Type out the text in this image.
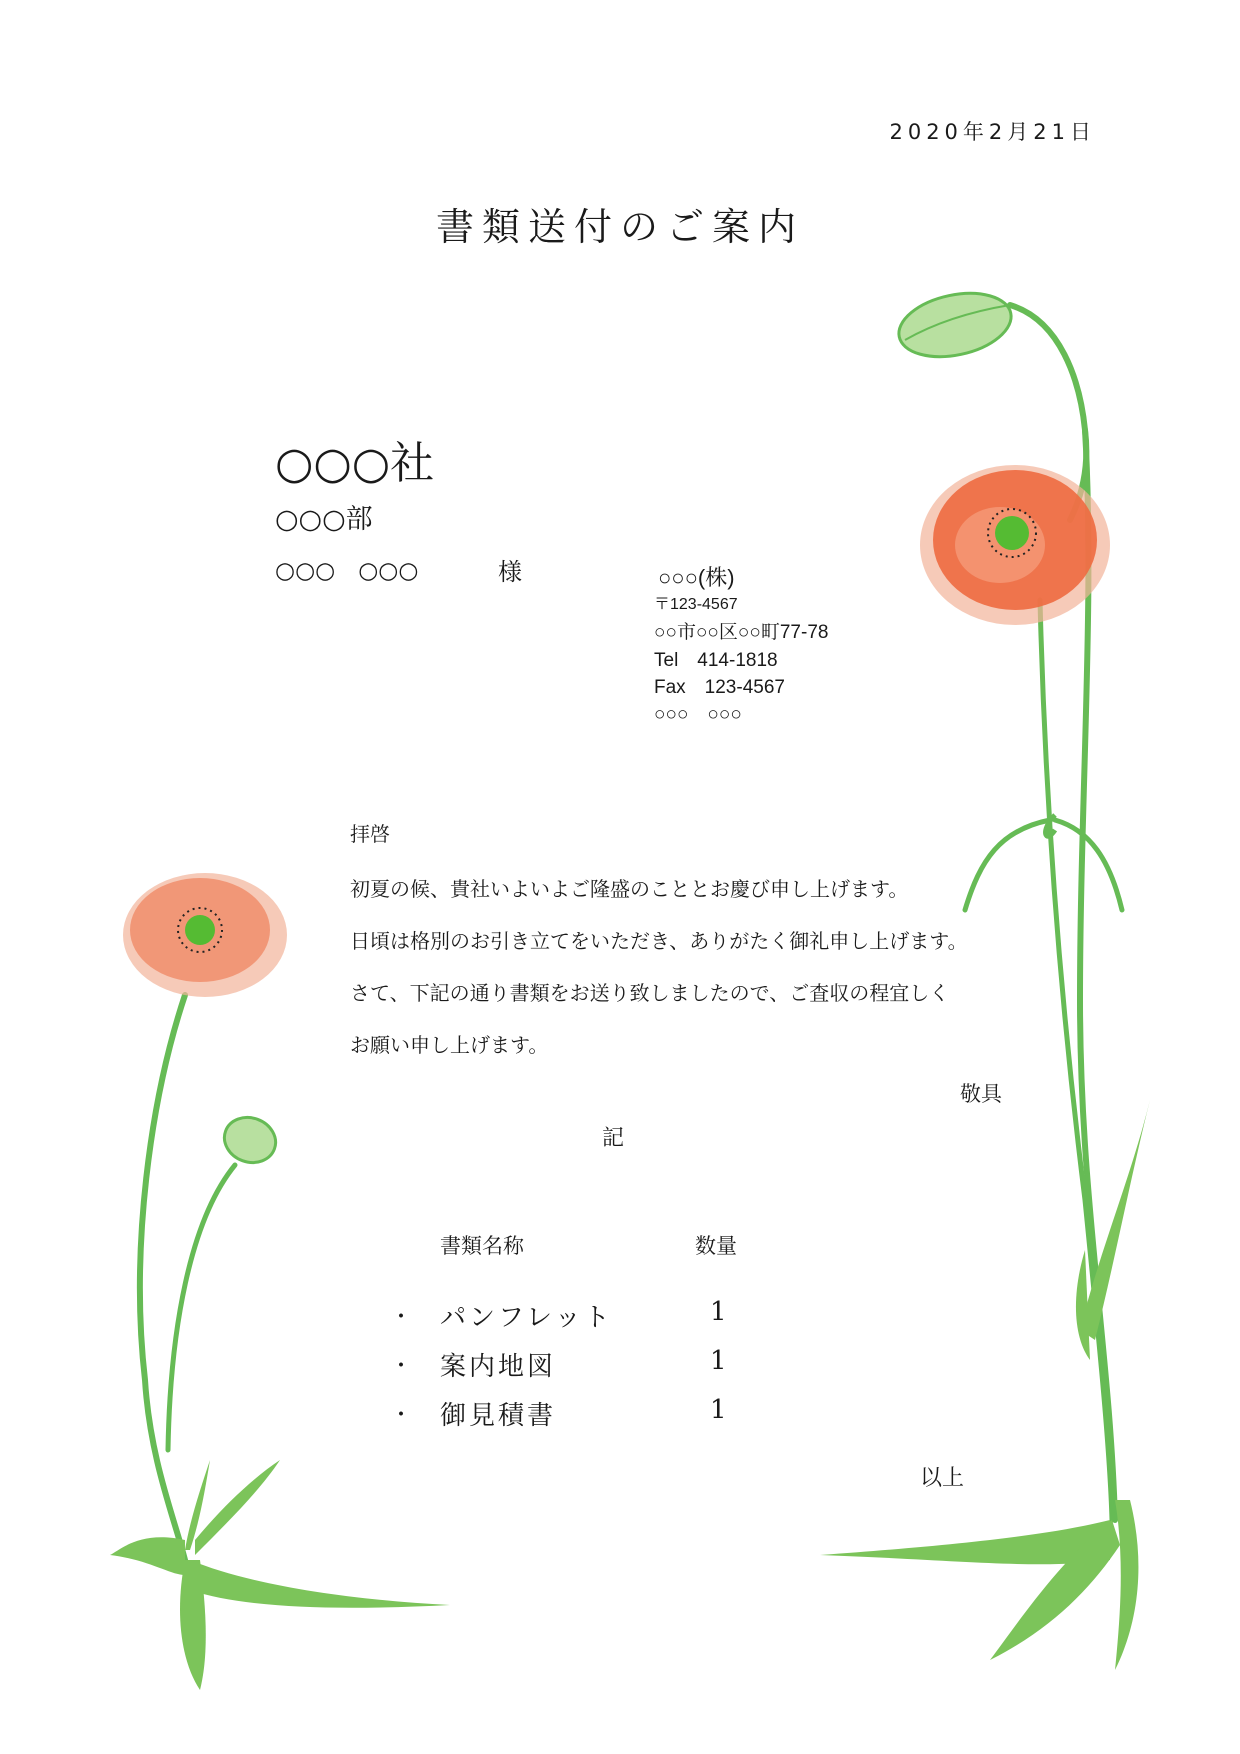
2020年2月21日
書類送付のご案内
○○○社
○○○部
○○○　○○○	様	○○○(株)
〒123-4567
○○市○○区○○町77-78
Tel　414-1818
Fax　123-4567
○○○　○○○
拝啓
初夏の候、貴社いよいよご隆盛のこととお慶び申し上げます。
日頃は格別のお引き立てをいただき、ありがたく御礼申し上げます。
さて、下記の通り書類をお送り致しましたので、ご査収の程宜しく
お願い申し上げます。
敬具
記
書類名称	数量
・ パンフレット	1
・ 案内地図	1
・ 御見積書	1
以上
